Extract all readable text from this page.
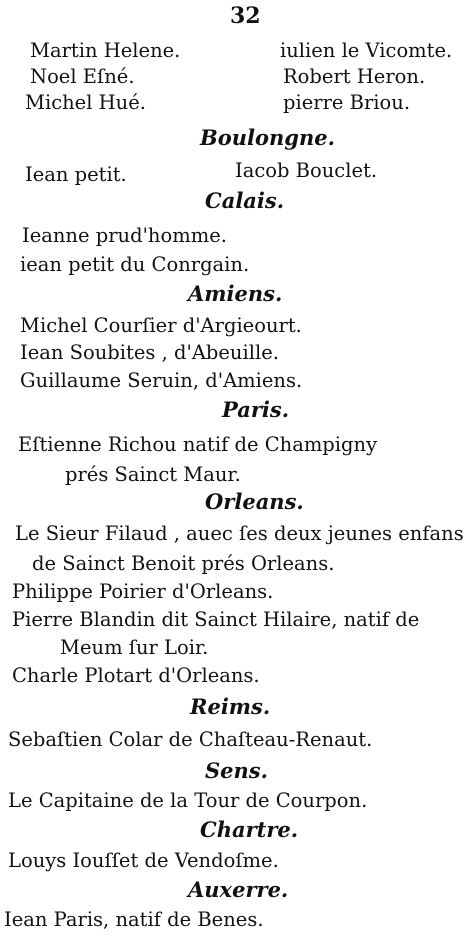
32
Martin Helene.	iulien le Vicomte.
Noel Eſné.	Robert Heron.
Michel Hué.	pierre Briou.
Boulongne.
Iean petit.	Iacob Bouclet.
Calais.
Ieanne prud'homme.
iean petit du Conrgain.
Amiens.
Michel Courſier d'Argieourt.
Iean Soubites , d'Abeuille.
Guillaume Seruin, d'Amiens.
Paris.
Eſtienne Richou natif de Champigny
prés Sainct Maur.
Orleans.
Le Sieur Filaud , auec ſes deux jeunes enfans
de Sainct Benoit prés Orleans.
Philippe Poirier d'Orleans.
Pierre Blandin dit Sainct Hilaire, natif de
Meum ſur Loir.
Charle Plotart d'Orleans.
Reims.
Sebaſtien Colar de Chaſteau-Renaut.
Sens.
Le Capitaine de la Tour de Courpon.
Chartre.
Louys Iouſſet de Vendoſme.
Auxerre.
Iean Paris, natif de Benes.
